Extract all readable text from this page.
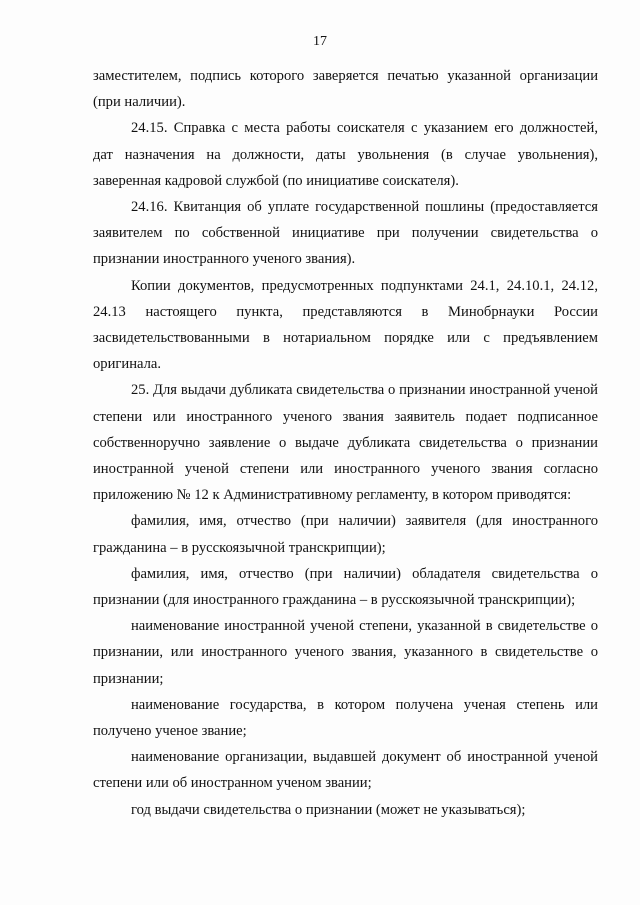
17

заместителем, подпись которого заверяется печатью указанной организации (при наличии).

24.15. Справка с места работы соискателя с указанием его должностей, дат назначения на должности, даты увольнения (в случае увольнения), заверенная кадровой службой (по инициативе соискателя).

24.16. Квитанция об уплате государственной пошлины (предоставляется заявителем по собственной инициативе при получении свидетельства о признании иностранного ученого звания).

Копии документов, предусмотренных подпунктами 24.1, 24.10.1, 24.12, 24.13 настоящего пункта, представляются в Минобрнауки России засвидетельствованными в нотариальном порядке или с предъявлением оригинала.

25. Для выдачи дубликата свидетельства о признании иностранной ученой степени или иностранного ученого звания заявитель подает подписанное собственноручно заявление о выдаче дубликата свидетельства о признании иностранной ученой степени или иностранного ученого звания согласно приложению № 12 к Административному регламенту, в котором приводятся:

фамилия, имя, отчество (при наличии) заявителя (для иностранного гражданина – в русскоязычной транскрипции);

фамилия, имя, отчество (при наличии) обладателя свидетельства о признании (для иностранного гражданина – в русскоязычной транскрипции);

наименование иностранной ученой степени, указанной в свидетельстве о признании, или иностранного ученого звания, указанного в свидетельстве о признании;

наименование государства, в котором получена ученая степень или получено ученое звание;

наименование организации, выдавшей документ об иностранной ученой степени или об иностранном ученом звании;

год выдачи свидетельства о признании (может не указываться);
